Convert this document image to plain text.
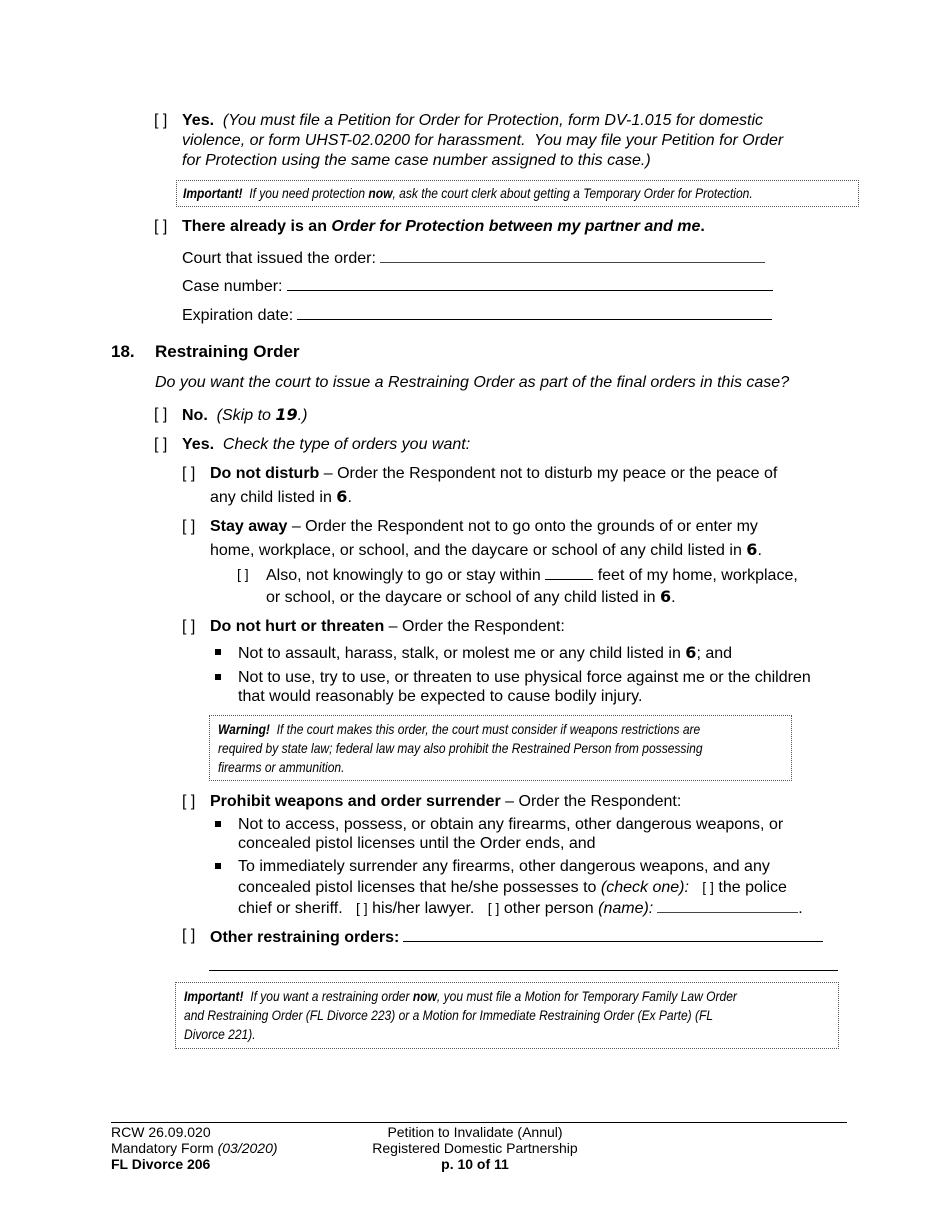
[ ] Yes. (You must file a Petition for Order for Protection, form DV-1.015 for domestic
violence, or form UHST-02.0200 for harassment.  You may file your Petition for Order
for Protection using the same case number assigned to this case.)
Important! If you need protection now, ask the court clerk about getting a Temporary Order for Protection.
[ ] There already is an Order for Protection between my partner and me.
Court that issued the order:
Case number:
Expiration date:
18. Restraining Order
Do you want the court to issue a Restraining Order as part of the final orders in this case?
[ ] No. (Skip to 19.)
[ ] Yes. Check the type of orders you want:
[ ] Do not disturb – Order the Respondent not to disturb my peace or the peace of
any child listed in 6.
[ ] Stay away – Order the Respondent not to go onto the grounds of or enter my
home, workplace, or school, and the daycare or school of any child listed in 6.
[ ] Also, not knowingly to go or stay within	feet of my home, workplace,
or school, or the daycare or school of any child listed in 6.
[ ] Do not hurt or threaten – Order the Respondent:
Not to assault, harass, stalk, or molest me or any child listed in 6; and
Not to use, try to use, or threaten to use physical force against me or the children
that would reasonably be expected to cause bodily injury.
Warning! If the court makes this order, the court must consider if weapons restrictions are
required by state law; federal law may also prohibit the Restrained Person from possessing
firearms or ammunition.
[ ] Prohibit weapons and order surrender – Order the Respondent:
Not to access, possess, or obtain any firearms, other dangerous weapons, or
concealed pistol licenses until the Order ends, and
To immediately surrender any firearms, other dangerous weapons, and any
concealed pistol licenses that he/she possesses to (check one): [ ] the police
chief or sheriff. [ ] his/her lawyer. [ ] other person (name):	.
[ ] Other restraining orders:
Important! If you want a restraining order now, you must file a Motion for Temporary Family Law Order
and Restraining Order (FL Divorce 223) or a Motion for Immediate Restraining Order (Ex Parte) (FL
Divorce 221).
RCW 26.09.020
Mandatory Form (03/2020)
FL Divorce 206
Petition to Invalidate (Annul)
Registered Domestic Partnership
p. 10 of 11
